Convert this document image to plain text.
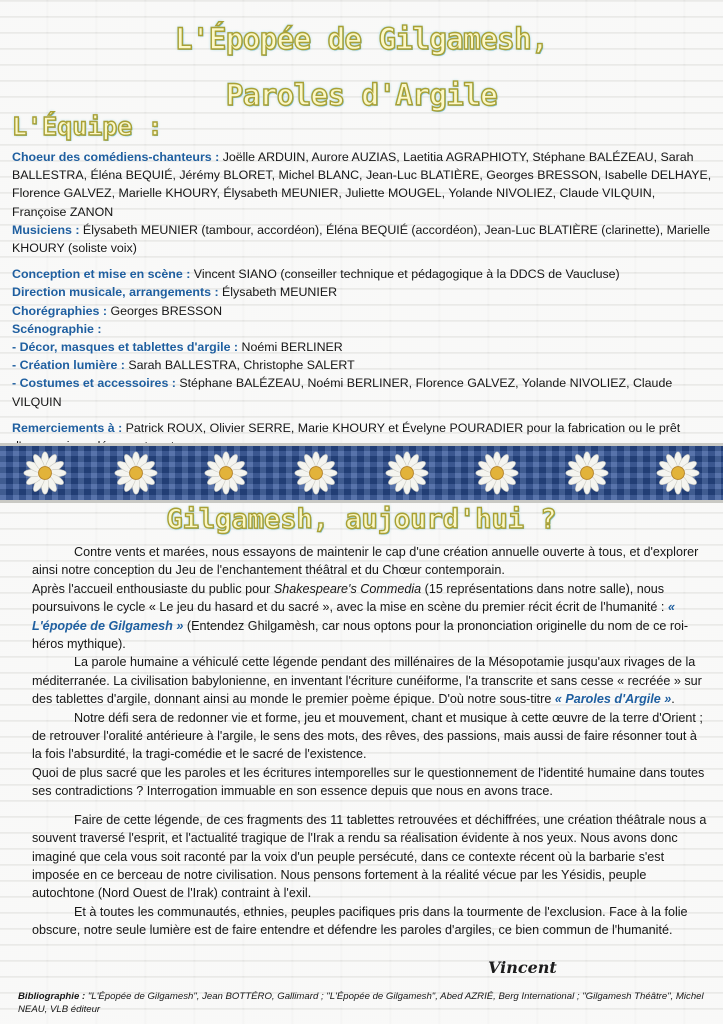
L'Épopée de Gilgamesh,
Paroles d'Argile
L'Équipe :

Choeur des comédiens-chanteurs : Joëlle ARDUIN, Aurore AUZIAS, Laetitia AGRAPHIOTY, Stéphane BALÉZEAU, Sarah BALLESTRA, Éléna BEQUIÉ, Jérémy BLORET, Michel BLANC, Jean-Luc BLATIÈRE, Georges BRESSON, Isabelle DELHAYE, Florence GALVEZ, Marielle KHOURY, Élysabeth MEUNIER, Juliette MOUGEL, Yolande NIVOLIEZ, Claude VILQUIN, Françoise ZANON

Musiciens : Élysabeth MEUNIER (tambour, accordéon), Éléna BEQUIÉ (accordéon), Jean-Luc BLATIÈRE (clarinette), Marielle KHOURY (soliste voix)

Conception et mise en scène : Vincent SIANO (conseiller technique et pédagogique à la DDCS de Vaucluse)

Direction musicale, arrangements : Élysabeth MEUNIER

Chorégraphies : Georges BRESSON

Scénographie :

- Décor, masques et tablettes d'argile : Noémi BERLINER

- Création lumière : Sarah BALLESTRA, Christophe SALERT

- Costumes et accessoires : Stéphane BALÉZEAU, Noémi BERLINER, Florence GALVEZ, Yolande NIVOLIEZ, Claude VILQUIN

Remerciements à : Patrick ROUX, Olivier SERRE, Marie KHOURY et Évelyne POURADIER pour la fabrication ou le prêt

Gilgamesh, aujourd'hui ?

Contre vents et marées, nous essayons de maintenir le cap d'une création annuelle ouverte à tous, et d'explorer ainsi notre conception du Jeu de l'enchantement théâtral et du Chœur contemporain.

Après l'accueil enthousiaste du public pour Shakespeare's Commedia (15 représentations dans notre salle), nous poursuivons le cycle « Le jeu du hasard et du sacré », avec la mise en scène du premier récit écrit de l'humanité : « L'épopée de Gilgamesh » (Entendez Ghilgamèsh, car nous optons pour la prononciation originelle du nom de ce roi-héros mythique).

La parole humaine a véhiculé cette légende pendant des millénaires de la Mésopotamie jusqu'aux rivages de la méditerranée. La civilisation babylonienne, en inventant l'écriture cunéiforme, l'a transcrite et sans cesse « recréée » sur des tablettes d'argile, donnant ainsi au monde le premier poème épique. D'où notre sous-titre « Paroles d'Argile ».

Notre défi sera de redonner vie et forme, jeu et mouvement, chant et musique à cette œuvre de la terre d'Orient ; de retrouver l'oralité antérieure à l'argile, le sens des mots, des rêves, des passions, mais aussi de faire résonner tout à la fois l'absurdité, la tragi-comédie et le sacré de l'existence.

Quoi de plus sacré que les paroles et les écritures intemporelles sur le questionnement de l'identité humaine dans toutes ses contradictions ? Interrogation immuable en son essence depuis que nous en avons trace.

Faire de cette légende, de ces fragments des 11 tablettes retrouvées et déchiffrées, une création théâtrale nous a souvent traversé l'esprit, et l'actualité tragique de l'Irak a rendu sa réalisation évidente à nos yeux. Nous avons donc imaginé que cela vous soit raconté par la voix d'un peuple persécuté, dans ce contexte récent où la barbarie s'est imposée en ce berceau de notre civilisation. Nous pensons fortement à la réalité vécue par les Yésidis, peuple autochtone (Nord Ouest de l'Irak) contraint à l'exil.

Et à toutes les communautés, ethnies, peuples pacifiques pris dans la tourmente de l'exclusion. Face à la folie obscure, notre seule lumière est de faire entendre et défendre les paroles d'argiles, ce bien commun de l'humanité.

Vincent
Bibliographie : "L'Épopée de Gilgamesh", Jean BOTTÉRO, Gallimard ; "L'Épopée de Gilgamesh", Abed AZRIÉ, Berg International ; "Gilgamesh Théâtre", Michel NEAU, VLB éditeur
